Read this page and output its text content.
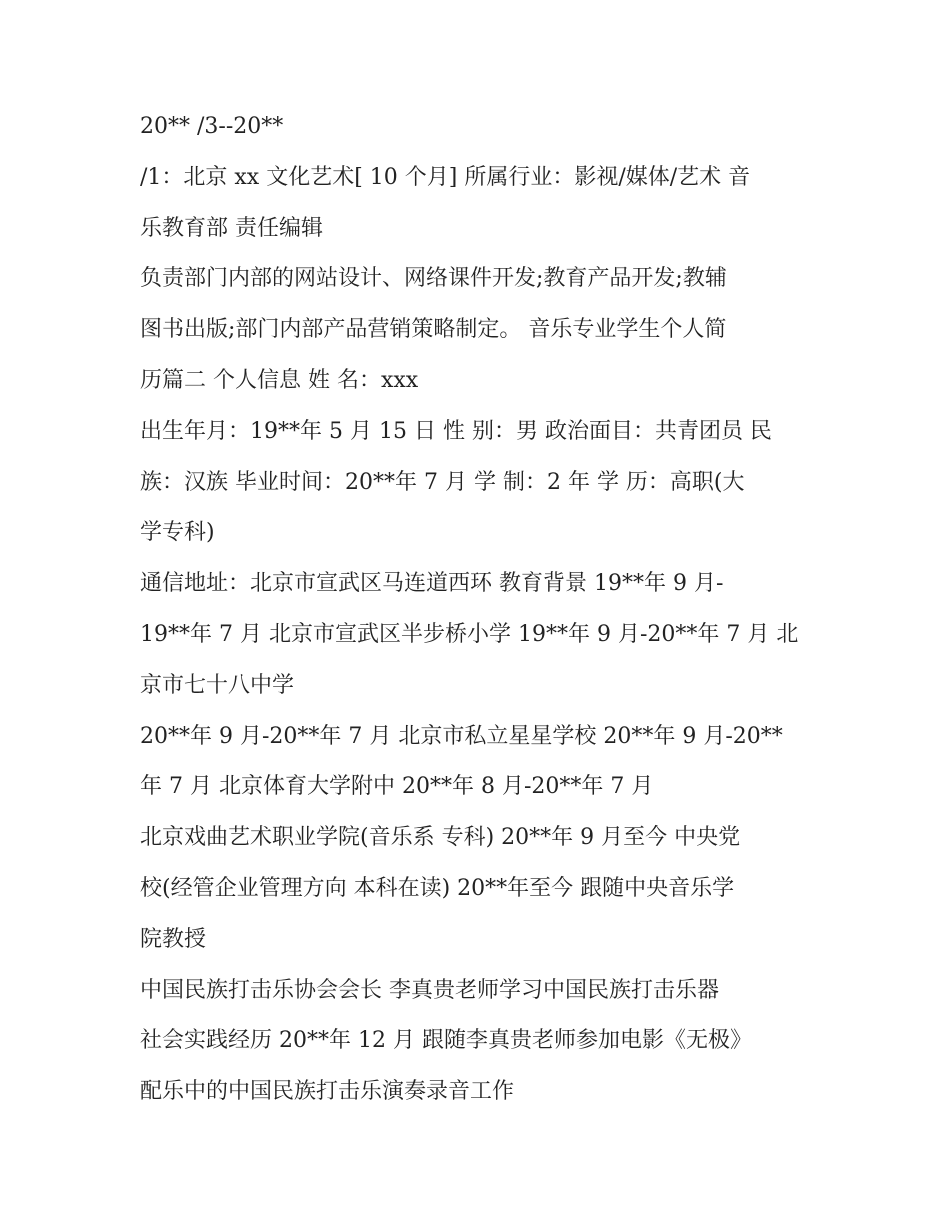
20** /3--20**
/1：北京 xx 文化艺术[ 10 个月] 所属行业：影视/媒体/艺术 音
乐教育部 责任编辑
负责部门内部的网站设计、网络课件开发;教育产品开发;教辅
图书出版;部门内部产品营销策略制定。 音乐专业学生个人简
历篇二 个人信息 姓 名：xxx
出生年月：19**年 5 月 15 日 性 别：男 政治面目：共青团员 民
族：汉族 毕业时间：20**年 7 月 学 制：2 年 学 历：高职(大
学专科)
通信地址：北京市宣武区马连道西环 教育背景 19**年 9 月-
19**年 7 月 北京市宣武区半步桥小学 19**年 9 月-20**年 7 月 北
京市七十八中学
20**年 9 月-20**年 7 月 北京市私立星星学校 20**年 9 月-20**
年 7 月 北京体育大学附中 20**年 8 月-20**年 7 月
北京戏曲艺术职业学院(音乐系 专科) 20**年 9 月至今 中央党
校(经管企业管理方向 本科在读) 20**年至今 跟随中央音乐学
院教授
中国民族打击乐协会会长 李真贵老师学习中国民族打击乐器
社会实践经历 20**年 12 月 跟随李真贵老师参加电影《无极》
配乐中的中国民族打击乐演奏录音工作
